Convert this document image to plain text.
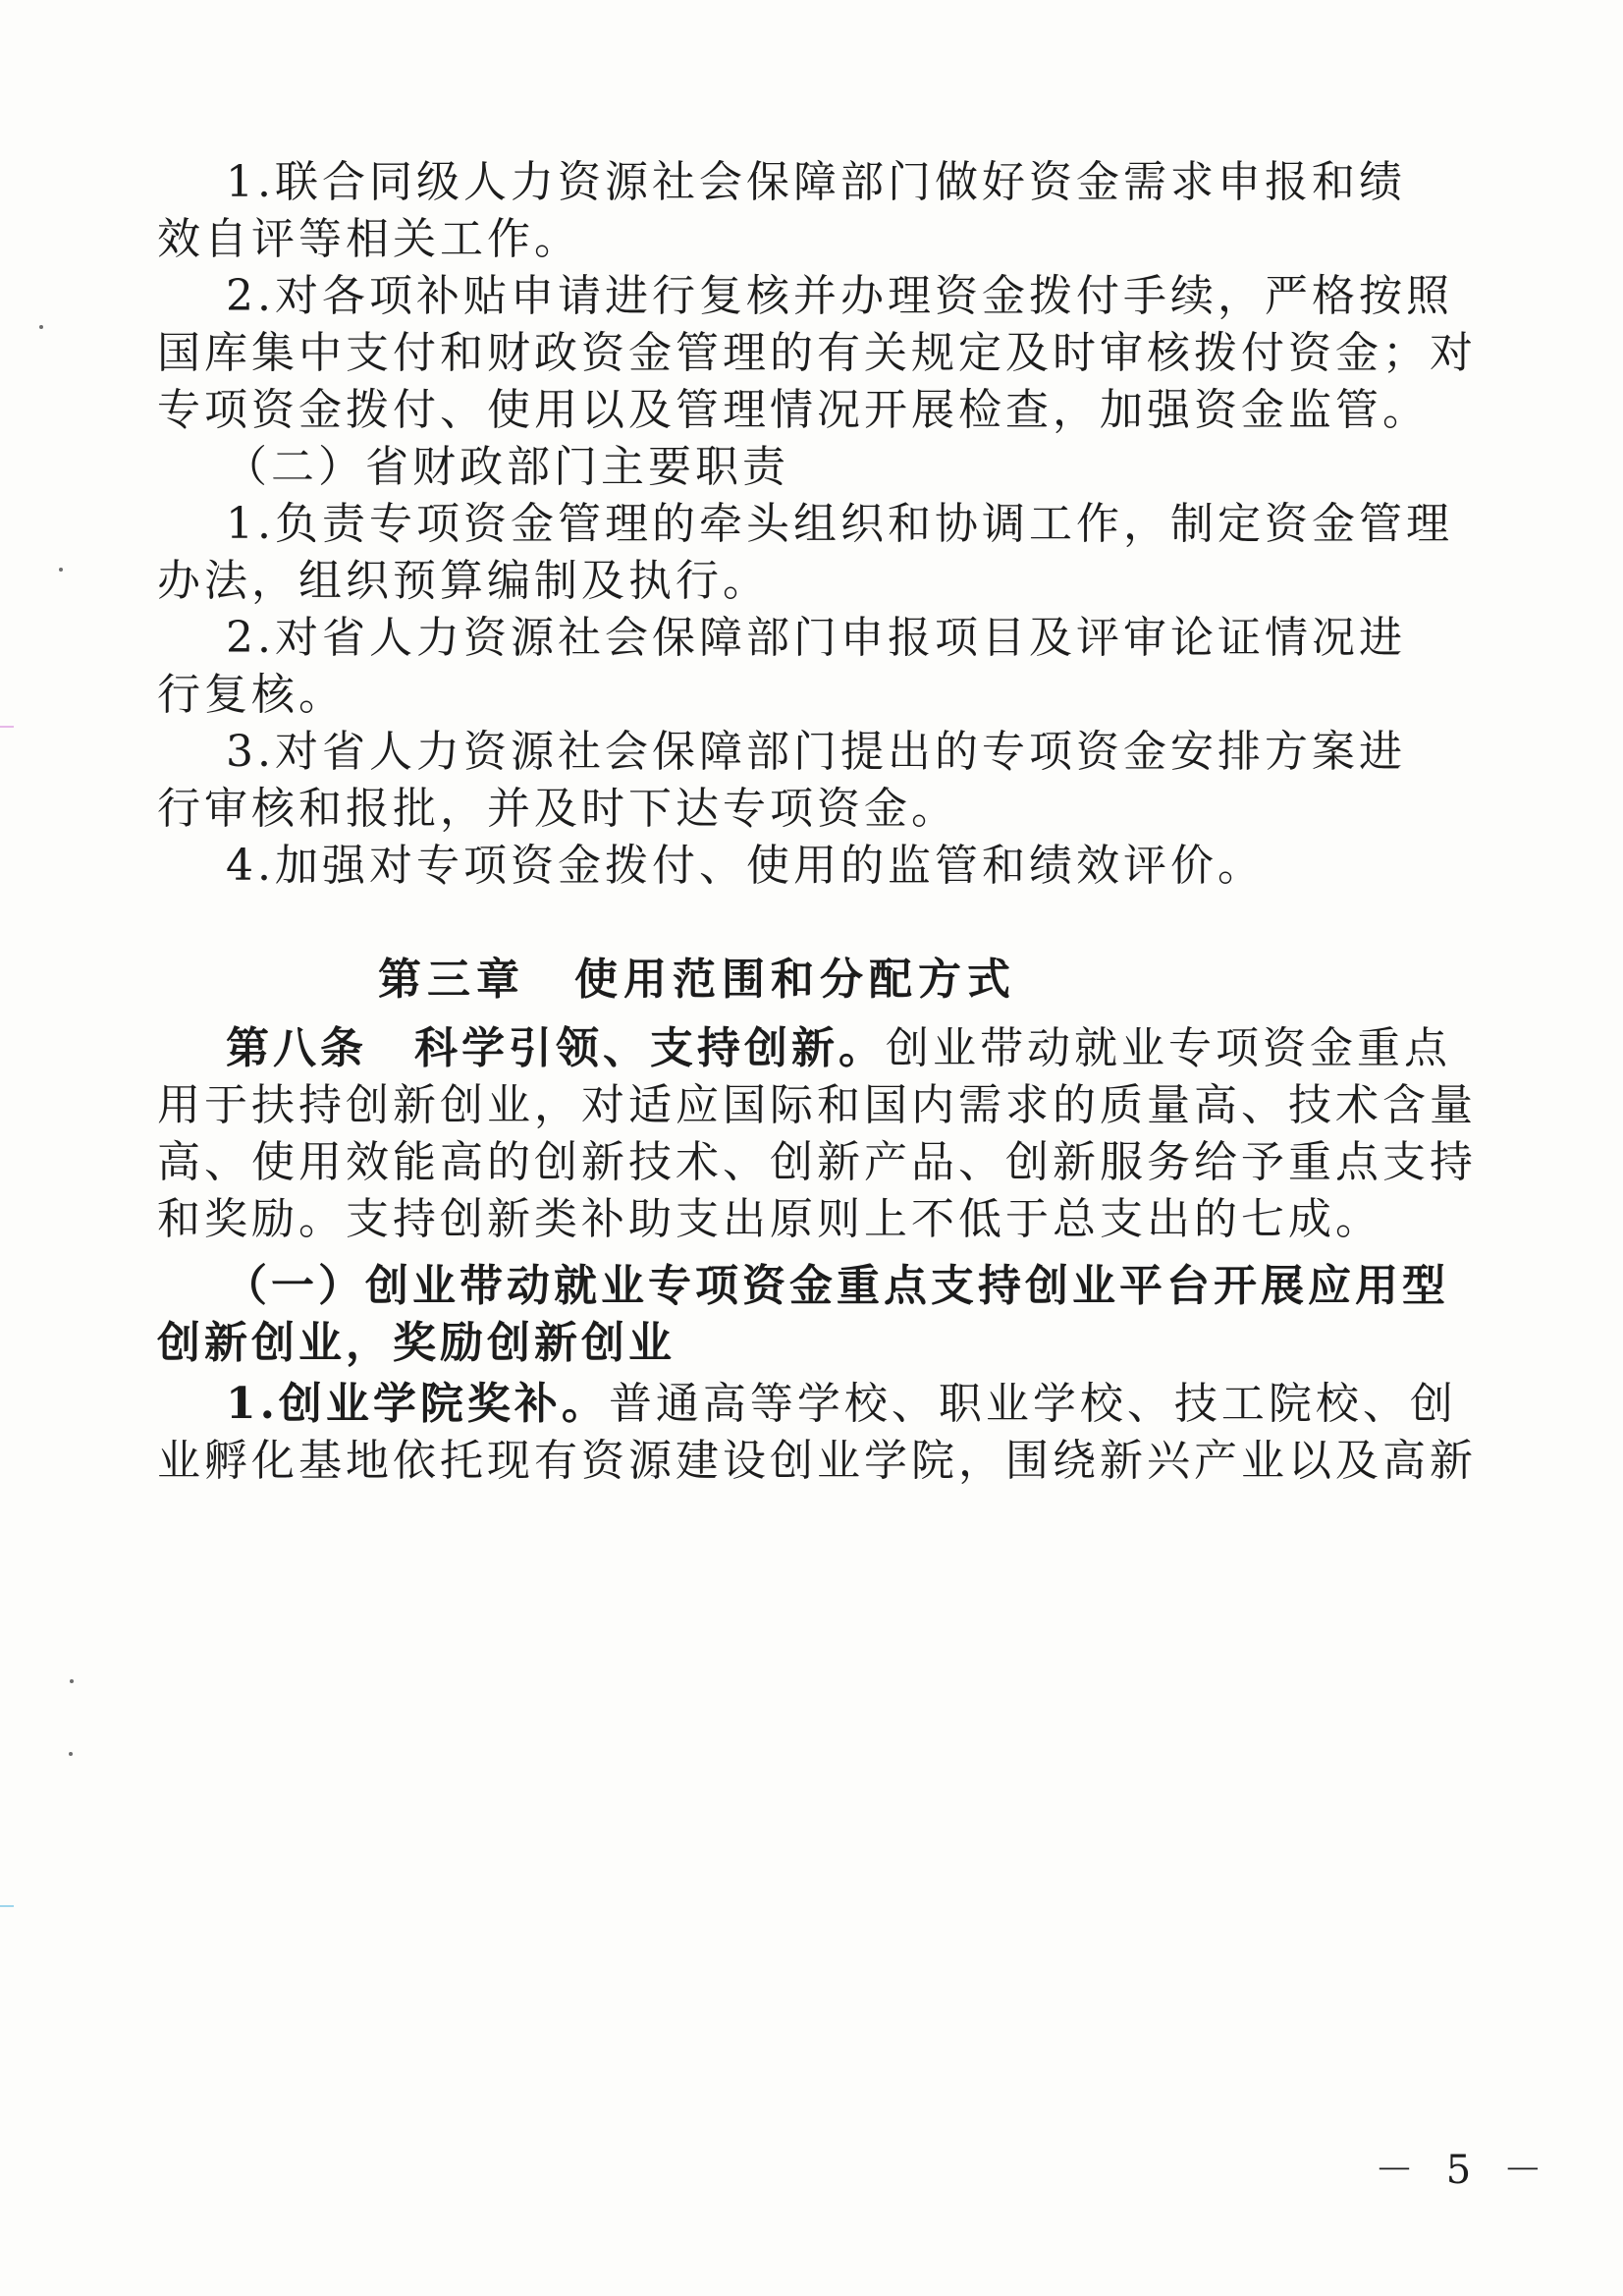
1.联合同级人力资源社会保障部门做好资金需求申报和绩
效自评等相关工作。
2.对各项补贴申请进行复核并办理资金拨付手续，严格按照
国库集中支付和财政资金管理的有关规定及时审核拨付资金；对
专项资金拨付、使用以及管理情况开展检查，加强资金监管。
（二）省财政部门主要职责
1.负责专项资金管理的牵头组织和协调工作，制定资金管理
办法，组织预算编制及执行。
2.对省人力资源社会保障部门申报项目及评审论证情况进
行复核。
3.对省人力资源社会保障部门提出的专项资金安排方案进
行审核和报批，并及时下达专项资金。
4.加强对专项资金拨付、使用的监管和绩效评价。
第三章　使用范围和分配方式
第八条　科学引领、支持创新。创业带动就业专项资金重点
用于扶持创新创业，对适应国际和国内需求的质量高、技术含量
高、使用效能高的创新技术、创新产品、创新服务给予重点支持
和奖励。支持创新类补助支出原则上不低于总支出的七成。
（一）创业带动就业专项资金重点支持创业平台开展应用型
创新创业，奖励创新创业
1.创业学院奖补。普通高等学校、职业学校、技工院校、创
业孵化基地依托现有资源建设创业学院，围绕新兴产业以及高新
－ 5 －
